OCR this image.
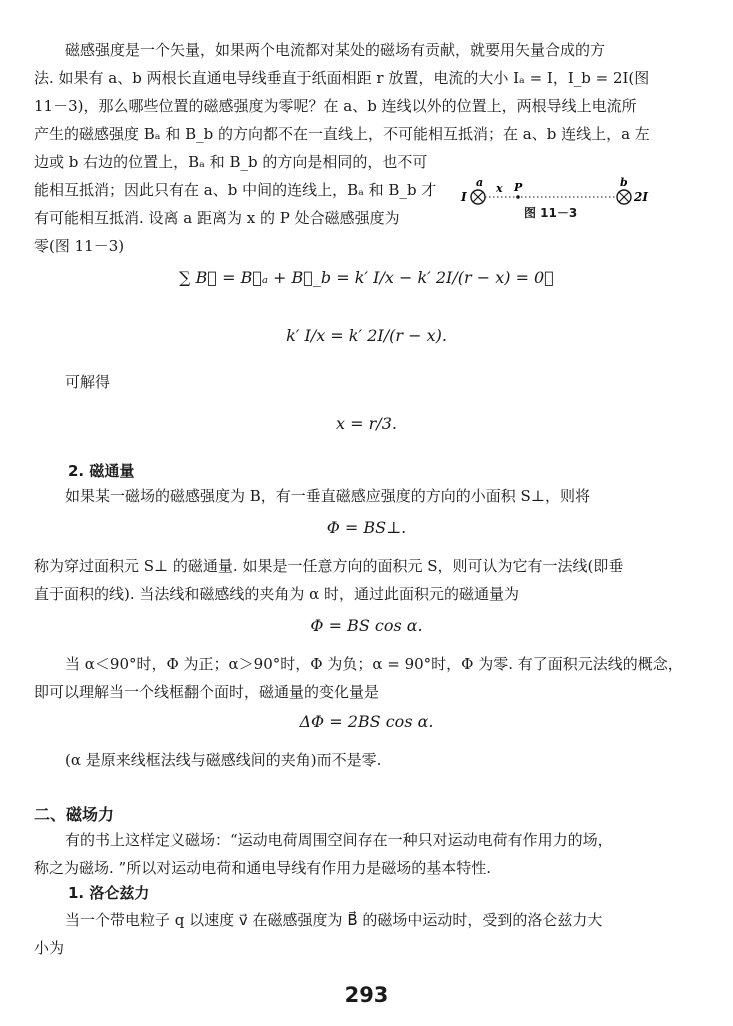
磁感强度是一个矢量，如果两个电流都对某处的磁场有贡献，就要用矢量合成的方
法. 如果有 a、b 两根长直通电导线垂直于纸面相距 r 放置，电流的大小 Iₐ = I，I_b = 2I(图
11－3)，那么哪些位置的磁感强度为零呢？在 a、b 连线以外的位置上，两根导线上电流所
产生的磁感强度 Bₐ 和 B_b 的方向都不在一直线上，不可能相互抵消；在 a、b 连线上，a 左
边或 b 右边的位置上，Bₐ 和 B_b 的方向是相同的，也不可
能相互抵消；因此只有在 a、b 中间的连线上，Bₐ 和 B_b 才
有可能相互抵消. 设离 a 距离为 x 的 P 处合磁感强度为
零(图 11－3)
a x P	b
I	2I
图 11－3
∑ B⃗ = B⃗ₐ + B⃗_b = k′ I/x − k′ 2I/(r − x) = 0，
k′ I/x = k′ 2I/(r − x).
可解得
x = r/3.
2. 磁通量
如果某一磁场的磁感强度为 B，有一垂直磁感应强度的方向的小面积 S⊥，则将
Φ = BS⊥.
称为穿过面积元 S⊥ 的磁通量. 如果是一任意方向的面积元 S，则可认为它有一法线(即垂
直于面积的线). 当法线和磁感线的夹角为 α 时，通过此面积元的磁通量为
Φ = BS cos α.
当 α＜90°时，Φ 为正；α＞90°时，Φ 为负；α = 90°时，Φ 为零. 有了面积元法线的概念，
即可以理解当一个线框翻个面时，磁通量的变化量是
ΔΦ = 2BS cos α.
(α 是原来线框法线与磁感线间的夹角)而不是零.
二、磁场力
有的书上这样定义磁场：“运动电荷周围空间存在一种只对运动电荷有作用力的场，
称之为磁场. ”所以对运动电荷和通电导线有作用力是磁场的基本特性.
1. 洛仑兹力
当一个带电粒子 q 以速度 v⃗ 在磁感强度为 B⃗ 的磁场中运动时，受到的洛仑兹力大
小为
293
